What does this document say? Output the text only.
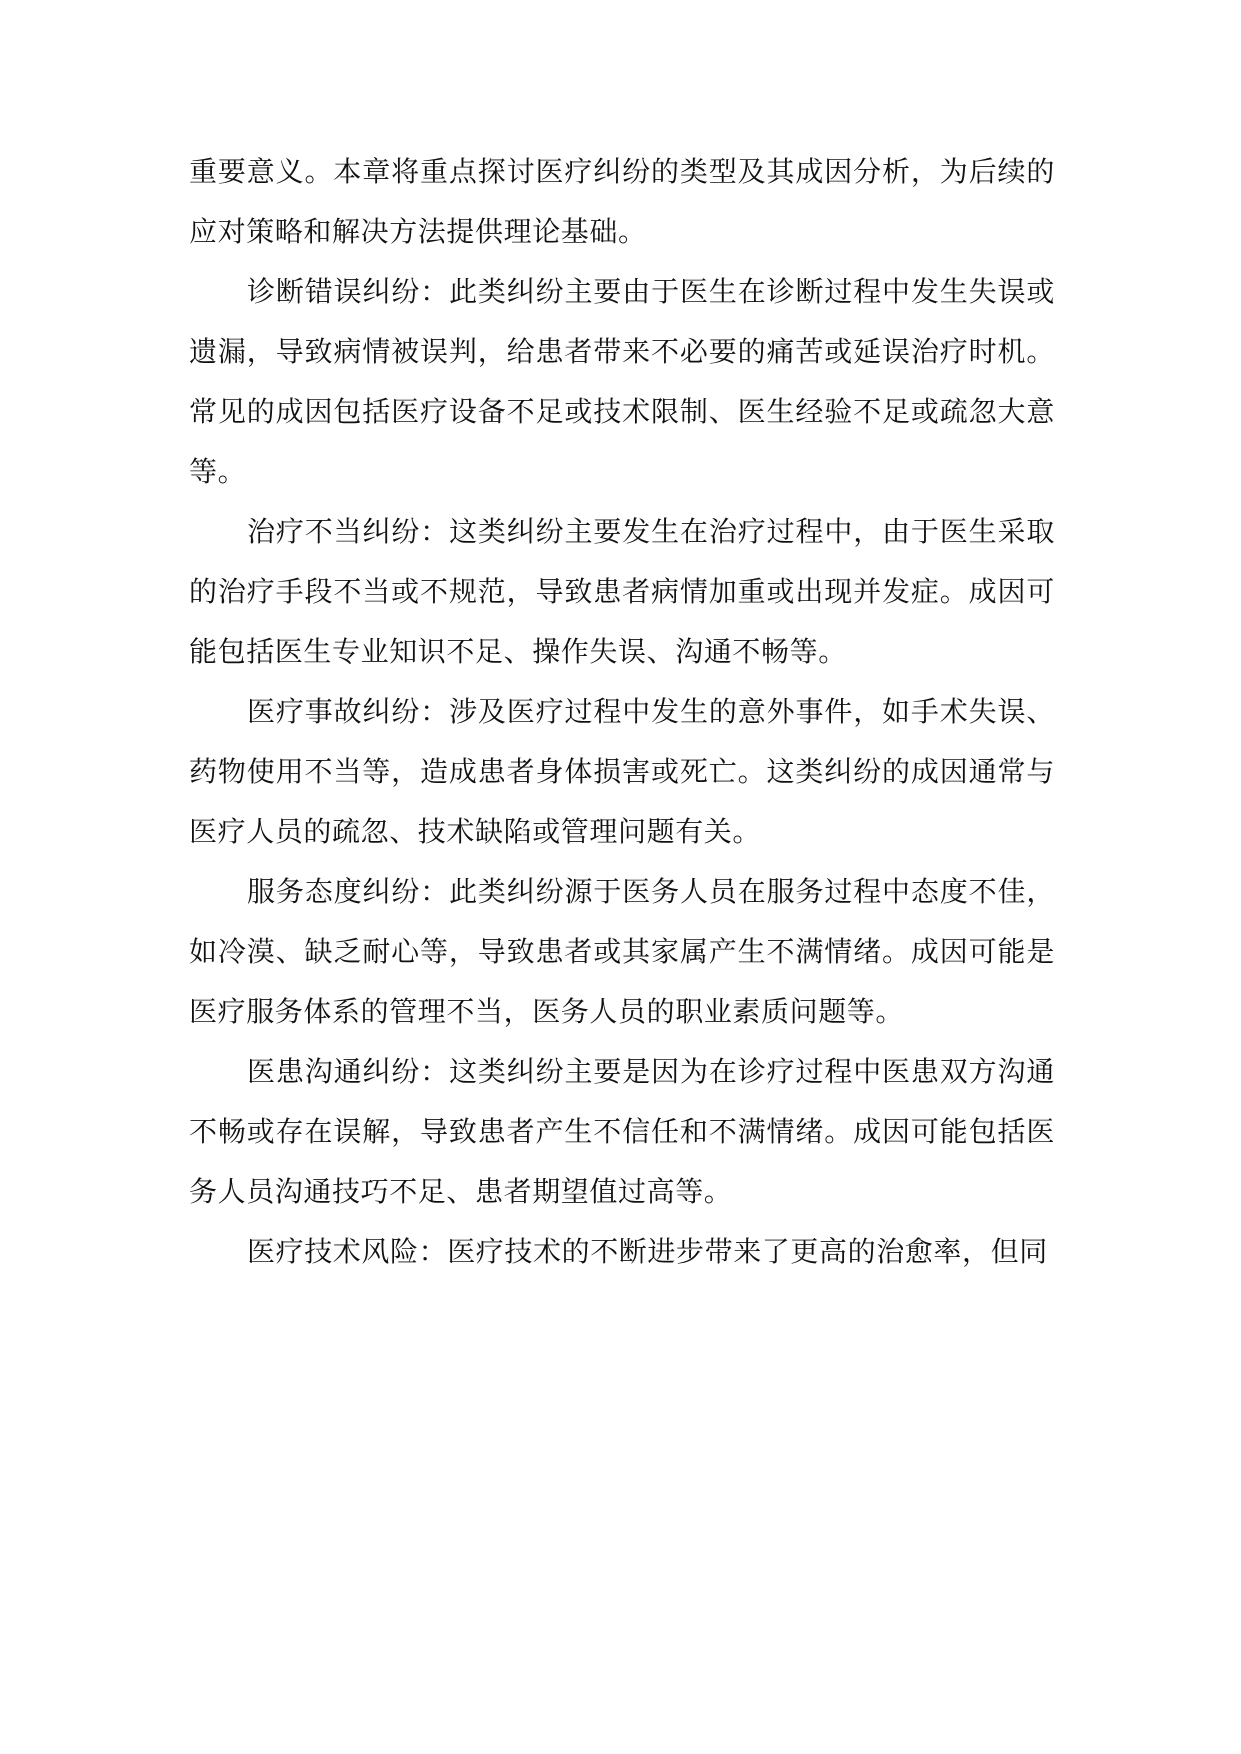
重要意义。本章将重点探讨医疗纠纷的类型及其成因分析，为后续的应对策略和解决方法提供理论基础。

诊断错误纠纷：此类纠纷主要由于医生在诊断过程中发生失误或遗漏，导致病情被误判，给患者带来不必要的痛苦或延误治疗时机。常见的成因包括医疗设备不足或技术限制、医生经验不足或疏忽大意等。

治疗不当纠纷：这类纠纷主要发生在治疗过程中，由于医生采取的治疗手段不当或不规范，导致患者病情加重或出现并发症。成因可能包括医生专业知识不足、操作失误、沟通不畅等。

医疗事故纠纷：涉及医疗过程中发生的意外事件，如手术失误、药物使用不当等，造成患者身体损害或死亡。这类纠纷的成因通常与医疗人员的疏忽、技术缺陷或管理问题有关。

服务态度纠纷：此类纠纷源于医务人员在服务过程中态度不佳，如冷漠、缺乏耐心等，导致患者或其家属产生不满情绪。成因可能是医疗服务体系的管理不当，医务人员的职业素质问题等。

医患沟通纠纷：这类纠纷主要是因为在诊疗过程中医患双方沟通不畅或存在误解，导致患者产生不信任和不满情绪。成因可能包括医务人员沟通技巧不足、患者期望值过高等。

医疗技术风险：医疗技术的不断进步带来了更高的治愈率，但同
